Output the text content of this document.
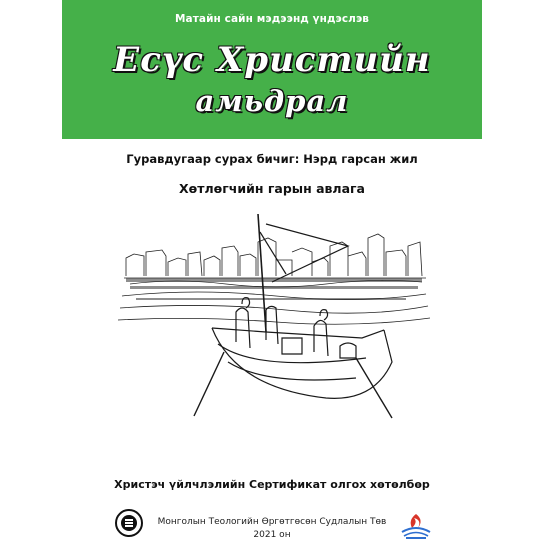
Матайн сайн мэдээнд үндэслэв
Есүс Христийн
амьдрал
Гуравдугаар сурах бичиг: Нэрд гарсан жил
Хөтлөгчийн гарын авлага
Христэч үйлчлэлийн Сертификат олгох хөтөлбөр
Монголын Теологийн Өргөтгөсөн Судлалын Төв
2021 он
